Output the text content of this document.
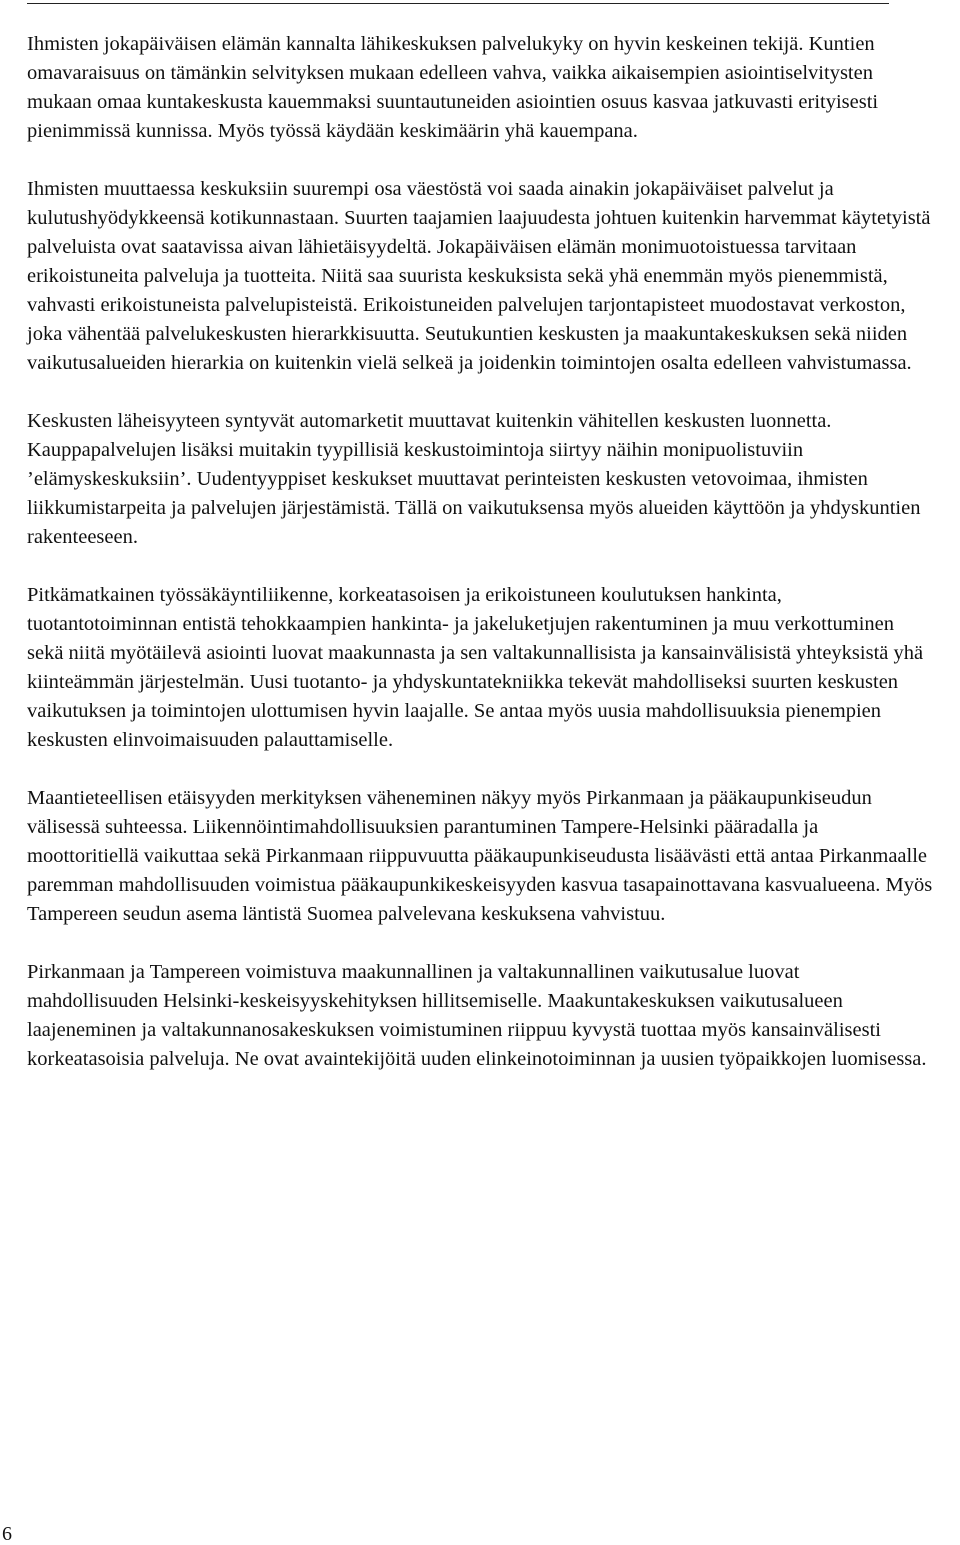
Ihmisten jokapäiväisen elämän kannalta lähikeskuksen palvelukyky on hyvin keskeinen tekijä. Kuntien omavaraisuus on tämänkin selvityksen mukaan edelleen vahva, vaikka aikaisempien asiointiselvitysten mukaan omaa kuntakeskusta kauemmaksi suuntautuneiden asiointien osuus kasvaa jatkuvasti erityisesti pienimmissä kunnissa. Myös työssä käydään keskimäärin yhä kauempana.

Ihmisten muuttaessa keskuksiin suurempi osa väestöstä voi saada ainakin jokapäiväiset palvelut ja kulutushyödykkeensä kotikunnastaan. Suurten taajamien laajuudesta johtuen kuitenkin harvemmat käytetyistä palveluista ovat saatavissa aivan lähietäisyydeltä. Jokapäiväisen elämän monimuotoistuessa tarvitaan erikoistuneita palveluja ja tuotteita. Niitä saa suurista keskuksista sekä yhä enemmän myös pienemmistä, vahvasti erikoistuneista palvelupisteistä. Erikoistuneiden palvelujen tarjontapisteet muodostavat verkoston, joka vähentää palvelukeskusten hierarkkisuutta. Seutukuntien keskusten ja maakuntakeskuksen sekä niiden vaikutusalueiden hierarkia on kuitenkin vielä selkeä ja joidenkin toimintojen osalta edelleen vahvistumassa.

Keskusten läheisyyteen syntyvät automarketit muuttavat kuitenkin vähitellen keskusten luonnetta. Kauppapalvelujen lisäksi muitakin tyypillisiä keskustoimintoja siirtyy näihin monipuolistuviin ’elämyskeskuksiin’. Uudentyyppiset keskukset muuttavat perinteisten keskusten vetovoimaa, ihmisten liikkumistarpeita ja palvelujen järjestämistä. Tällä on vaikutuksensa myös alueiden käyttöön ja yhdyskuntien rakenteeseen.

Pitkämatkainen työssäkäyntiliikenne, korkeatasoisen ja erikoistuneen koulutuksen hankinta, tuotantotoiminnan entistä tehokkaampien hankinta- ja jakeluketjujen rakentuminen ja muu verkottuminen sekä niitä myötäilevä asiointi luovat maakunnasta ja sen valtakunnallisista ja kansainvälisistä yhteyksistä yhä kiinteämmän järjestelmän. Uusi tuotanto- ja yhdyskuntatekniikka tekevät mahdolliseksi suurten keskusten vaikutuksen ja toimintojen ulottumisen hyvin laajalle. Se antaa myös uusia mahdollisuuksia pienempien keskusten elinvoimaisuuden palauttamiselle.

Maantieteellisen etäisyyden merkityksen väheneminen näkyy myös Pirkanmaan ja pääkaupunkiseudun välisessä suhteessa. Liikennöintimahdollisuuksien parantuminen Tampere-Helsinki pääradalla ja moottoritiellä vaikuttaa sekä Pirkanmaan riippuvuutta pääkaupunkiseudusta lisäävästi että antaa Pirkanmaalle paremman mahdollisuuden voimistua pääkaupunkikeskeisyyden kasvua tasapainottavana kasvualueena. Myös Tampereen seudun asema läntistä Suomea palvelevana keskuksena vahvistuu.

Pirkanmaan ja Tampereen voimistuva maakunnallinen ja valtakunnallinen vaikutusalue luovat mahdollisuuden Helsinki-keskeisyyskehityksen hillitsemiselle. Maakuntakeskuksen vaikutusalueen laajeneminen ja valtakunnanosakeskuksen voimistuminen riippuu kyvystä tuottaa myös kansainvälisesti korkeatasoisia palveluja. Ne ovat avaintekijöitä uuden elinkeinotoiminnan ja uusien työpaikkojen luomisessa.

6
